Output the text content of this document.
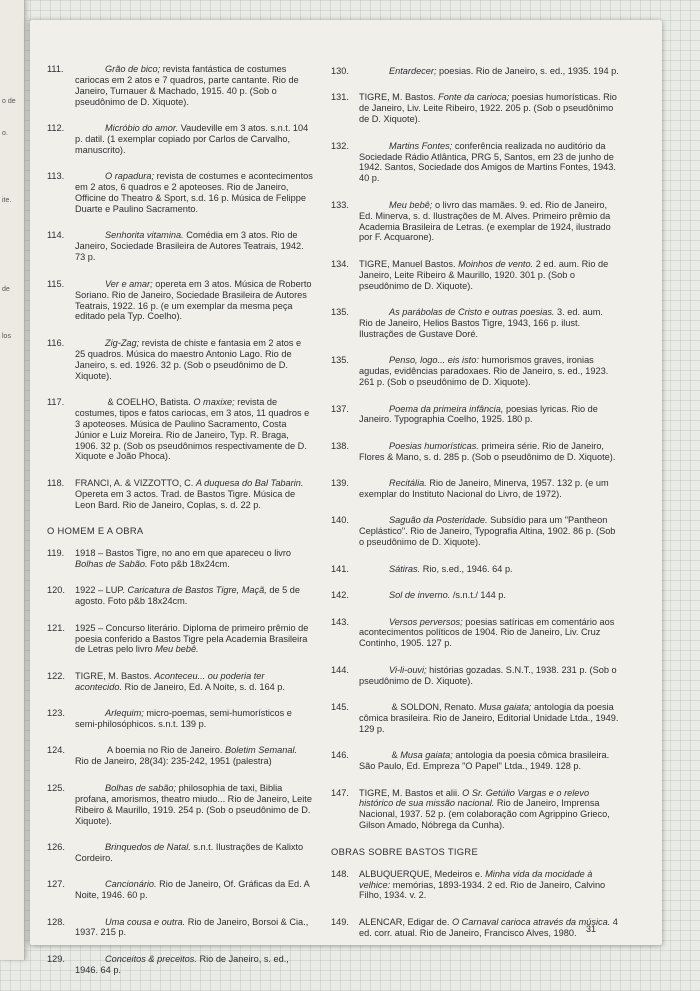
o de
o.
ite.
de
los
111.	Grão de bico; revista fantástica de costumes cariocas em 2 atos e 7 quadros, parte cantante. Rio de Janeiro, Turnauer & Machado, 1915. 40 p. (Sob o pseudônimo de D. Xiquote).
112.	Micróbio do amor. Vaudeville em 3 atos. s.n.t. 104 p. datil. (1 exemplar copiado por Carlos de Carvalho, manuscrito).
113.	O rapadura; revista de costumes e acontecimentos em 2 atos, 6 quadros e 2 apoteoses. Rio de Janeiro, Officine do Theatro & Sport, s.d. 16 p. Música de Felippe Duarte e Paulino Sacramento.
114.	Senhorita vitamina. Comédia em 3 atos. Rio de Janeiro, Sociedade Brasileira de Autores Teatrais, 1942. 73 p.
115.	Ver e amar; opereta em 3 atos. Música de Roberto Soriano. Rio de Janeiro, Sociedade Brasileira de Autores Teatrais, 1922. 16 p. (e um exemplar da mesma peça editado pela Typ. Coelho).
116.	Zig-Zag; revista de chiste e fantasia em 2 atos e 25 quadros. Música do maestro Antonio Lago. Rio de Janeiro, s. ed. 1926. 32 p. (Sob o pseudônimo de D. Xiquote).
117.	& COELHO, Batista. O maxixe; revista de costumes, tipos e fatos cariocas, em 3 atos, 11 quadros e 3 apoteoses. Música de Paulino Sacramento, Costa Júnior e Luiz Moreira. Rio de Janeiro, Typ. R. Braga, 1906. 32 p. (Sob os pseudônimos respectivamente de D. Xiquote e João Phoca).
118.	FRANCI, A. & VIZZOTTO, C. A duquesa do Bal Tabarin. Opereta em 3 actos. Trad. de Bastos Tigre. Música de Leon Bard. Rio de Janeiro, Coplas, s. d. 22 p.
O HOMEM E A OBRA
119.	1918 – Bastos Tigre, no ano em que apareceu o livro Bolhas de Sabão. Foto p&b 18x24cm.
120.	1922 – LUP. Caricatura de Bastos Tigre, Maçã, de 5 de agosto. Foto p&b 18x24cm.
121.	1925 – Concurso literário. Diploma de primeiro prêmio de poesia conferido a Bastos Tigre pela Academia Brasileira de Letras pelo livro Meu bebê.
122.	TIGRE, M. Bastos. Aconteceu... ou poderia ter acontecido. Rio de Janeiro, Ed. A Noite, s. d. 164 p.
123.	Arlequim; micro-poemas, semi-humorísticos e semi-philosóphicos. s.n.t. 139 p.
124.	A boemia no Rio de Janeiro. Boletim Semanal. Rio de Janeiro, 28(34): 235-242, 1951 (palestra)
125.	Bolhas de sabão; philosophia de taxi, Biblia profana, amorismos, theatro miudo... Rio de Janeiro, Leite Ribeiro & Maurillo, 1919. 254 p. (Sob o pseudônimo de D. Xiquote).
126.	Brinquedos de Natal. s.n.t. Ilustrações de Kalixto Cordeiro.
127.	Cancionário. Rio de Janeiro, Of. Gráficas da Ed. A Noite, 1946. 60 p.
128.	Uma cousa e outra. Rio de Janeiro, Borsoi & Cia., 1937. 215 p.
129.	Conceitos & preceitos. Rio de Janeiro, s. ed., 1946. 64 p.
130.	Entardecer; poesias. Rio de Janeiro, s. ed., 1935. 194 p.
131.	TIGRE, M. Bastos. Fonte da carioca; poesias humorísticas. Rio de Janeiro, Liv. Leite Ribeiro, 1922. 205 p. (Sob o pseudônimo de D. Xiquote).
132.	Martins Fontes; conferência realizada no auditório da Sociedade Rádio Atlântica, PRG 5, Santos, em 23 de junho de 1942. Santos, Sociedade dos Amigos de Martins Fontes, 1943. 40 p.
133.	Meu bebê; o livro das mamães. 9. ed. Rio de Janeiro, Ed. Minerva, s. d. Ilustrações de M. Alves. Primeiro prêmio da Academia Brasileira de Letras. (e exemplar de 1924, ilustrado por F. Acquarone).
134.	TIGRE, Manuel Bastos. Moinhos de vento. 2 ed. aum. Rio de Janeiro, Leite Ribeiro & Maurillo, 1920. 301 p. (Sob o pseudônimo de D. Xiquote).
135.	As parábolas de Cristo e outras poesias. 3. ed. aum. Rio de Janeiro, Helios Bastos Tigre, 1943, 166 p. ilust. Ilustrações de Gustave Doré.
135.	Penso, logo... eis isto: humorismos graves, ironias agudas, evidências paradoxaes. Rio de Janeiro, s. ed., 1923. 261 p. (Sob o pseudônimo de D. Xiquote).
137.	Poema da primeira infância, poesias lyricas. Rio de Janeiro. Typographia Coelho, 1925. 180 p.
138.	Poesias humorísticas. primeira série. Rio de Janeiro, Flores & Mano, s. d. 285 p. (Sob o pseudônimo de D. Xiquote).
139.	Recitália. Rio de Janeiro, Minerva, 1957. 132 p. (e um exemplar do Instituto Nacional do Livro, de 1972).
140.	Saguão da Posteridade. Subsídio para um "Pantheon Ceplástico". Rio de Janeiro, Typografia Altina, 1902. 86 p. (Sob o pseudônimo de D. Xiquote).
141.	Sátiras. Rio, s.ed., 1946. 64 p.
142.	Sol de inverno. /s.n.t./ 144 p.
143.	Versos perversos; poesias satíricas em comentário aos acontecimentos políticos de 1904. Rio de Janeiro, Liv. Cruz Continho, 1905. 127 p.
144.	Vi-li-ouvi; histórias gozadas. S.N.T., 1938. 231 p. (Sob o pseudônimo de D. Xiquote).
145.	& SOLDON, Renato. Musa gaiata; antologia da poesia cômica brasileira. Rio de Janeiro, Editorial Unidade Ltda., 1949. 129 p.
146.	& Musa gaiata; antologia da poesia cômica brasileira. São Paulo, Ed. Empreza "O Papel" Ltda., 1949. 128 p.
147.	TIGRE, M. Bastos et alii. O Sr. Getúlio Vargas e o relevo histórico de sua missão nacional. Rio de Janeiro, Imprensa Nacional, 1937. 52 p. (em colaboração com Agrippino Grieco, Gilson Amado, Nóbrega da Cunha).
OBRAS SOBRE BASTOS TIGRE
148.	ALBUQUERQUE, Medeiros e. Minha vida da mocidade à velhice: memórias, 1893-1934. 2 ed. Rio de Janeiro, Calvino Filho, 1934. v. 2.
149.	ALENCAR, Edigar de. O Carnaval carioca através da música. 4 ed. corr. atual. Rio de Janeiro, Francisco Alves, 1980.	31
